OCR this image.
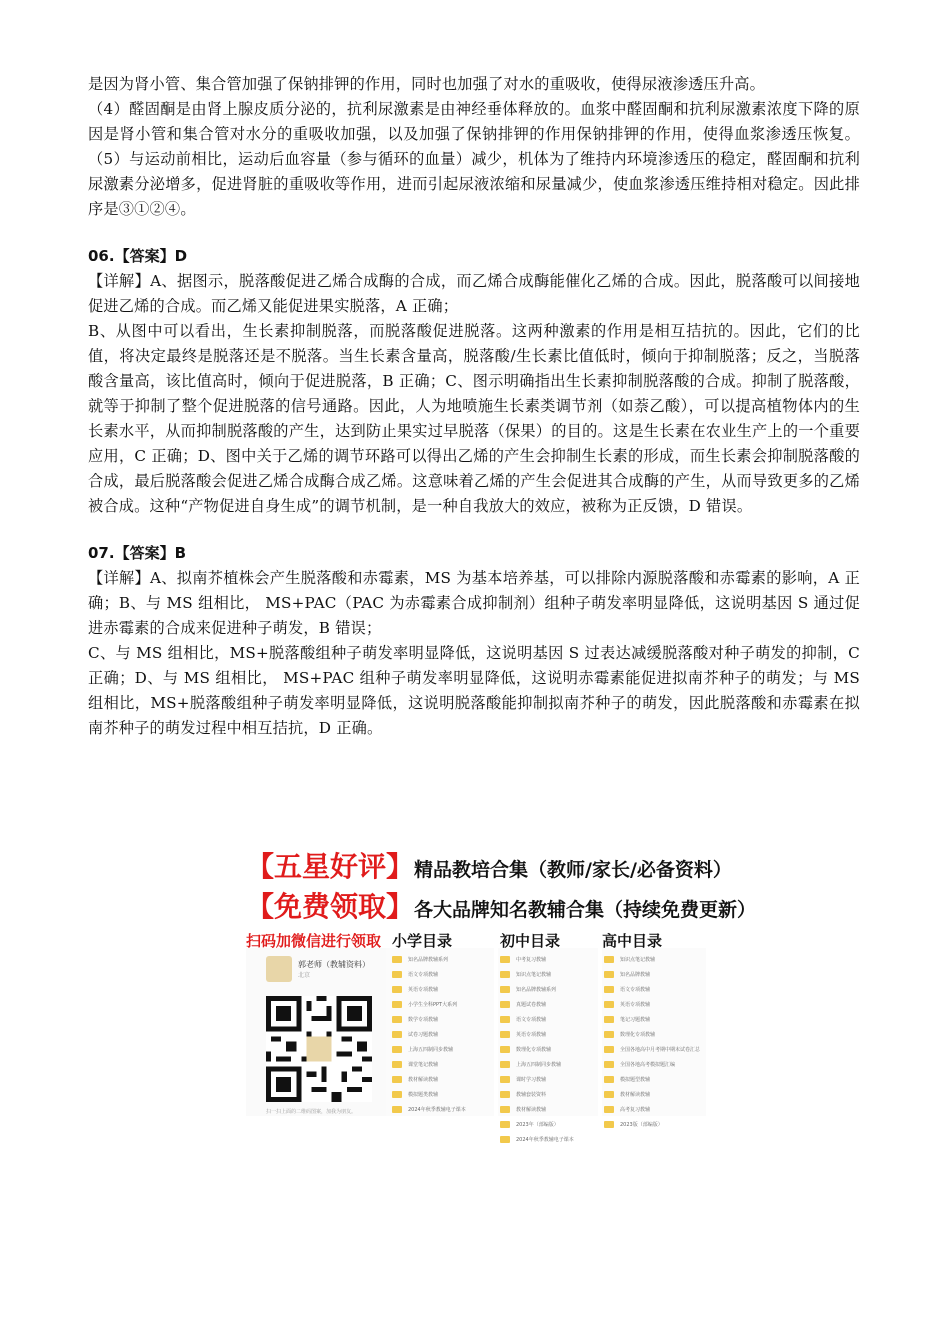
是因为肾小管、集合管加强了保钠排钾的作用，同时也加强了对水的重吸收，使得尿液渗透压升高。

（4）醛固酮是由肾上腺皮质分泌的，抗利尿激素是由神经垂体释放的。血浆中醛固酮和抗利尿激素浓度下降的原因是肾小管和集合管对水分的重吸收加强，以及加强了保钠排钾的作用保钠排钾的作用，使得血浆渗透压恢复。（5）与运动前相比，运动后血容量（参与循环的血量）减少，机体为了维持内环境渗透压的稳定，醛固酮和抗利尿激素分泌增多，促进肾脏的重吸收等作用，进而引起尿液浓缩和尿量减少，使血浆渗透压维持相对稳定。因此排序是③①②④。

06.【答案】D

【详解】A、据图示，脱落酸促进乙烯合成酶的合成，而乙烯合成酶能催化乙烯的合成。因此，脱落酸可以间接地促进乙烯的合成。而乙烯又能促进果实脱落，A 正确；

B、从图中可以看出，生长素抑制脱落，而脱落酸促进脱落。这两种激素的作用是相互拮抗的。因此，它们的比值，将决定最终是脱落还是不脱落。当生长素含量高，脱落酸/生长素比值低时，倾向于抑制脱落；反之，当脱落酸含量高，该比值高时，倾向于促进脱落，B 正确；C、图示明确指出生长素抑制脱落酸的合成。抑制了脱落酸，就等于抑制了整个促进脱落的信号通路。因此，人为地喷施生长素类调节剂（如萘乙酸），可以提高植物体内的生长素水平，从而抑制脱落酸的产生，达到防止果实过早脱落（保果）的目的。这是生长素在农业生产上的一个重要应用，C 正确；D、图中关于乙烯的调节环路可以得出乙烯的产生会抑制生长素的形成，而生长素会抑制脱落酸的合成，最后脱落酸会促进乙烯合成酶合成乙烯。这意味着乙烯的产生会促进其合成酶的产生，从而导致更多的乙烯被合成。这种“产物促进自身生成”的调节机制，是一种自我放大的效应，被称为正反馈，D 错误。

07.【答案】B

【详解】A、拟南芥植株会产生脱落酸和赤霉素，MS 为基本培养基，可以排除内源脱落酸和赤霉素的影响，A 正确；B、与 MS 组相比， MS+PAC（PAC 为赤霉素合成抑制剂）组种子萌发率明显降低，这说明基因 S 通过促进赤霉素的合成来促进种子萌发，B 错误；

C、与 MS 组相比，MS+脱落酸组种子萌发率明显降低，这说明基因 S 过表达减缓脱落酸对种子萌发的抑制，C 正确；D、与 MS 组相比， MS+PAC 组种子萌发率明显降低，这说明赤霉素能促进拟南芥种子的萌发；与 MS 组相比，MS+脱落酸组种子萌发率明显降低，这说明脱落酸能抑制拟南芥种子的萌发，因此脱落酸和赤霉素在拟南芥种子的萌发过程中相互拮抗，D 正确。

【五星好评】精品教培合集（教师/家长/必备资料）
【免费领取】各大品牌知名教辅合集（持续免费更新）
扫码加微信进行领取 小学目录	初中目录	高中目录
郭老师（教辅资料）
北京
扫一扫上面的二维码图案，加我为朋友。
知名品牌教辅系列
语文专项教辅
英语专项教辅
小学生全科PPT大系列
数学专项教辅
试卷习题教辅
上海五四制同步教辅
课堂笔记教辅
教材解读教辅
模拟题类教辅
2024年秋季教辅电子课本
中考复习教辅
知识点笔记教辅
知名品牌教辅系列
真题试卷教辅
语文专项教辅
英语专项教辅
数理化专项教辅
上海五四制同步教辅
课时学习教辅
教辅套装资料
教材解读教辅
2023年（部编版）
2024年秋季教辅电子课本
知识点笔记教辅
知名品牌教辅
语文专项教辅
英语专项教辅
笔记习题教辅
数理化专项教辅
全国各地高中月考期中期末试卷汇总
全国各地高考模拟题汇编
模拟题型教辅
教材解读教辅
高考复习教辅
2023版（部编版）
